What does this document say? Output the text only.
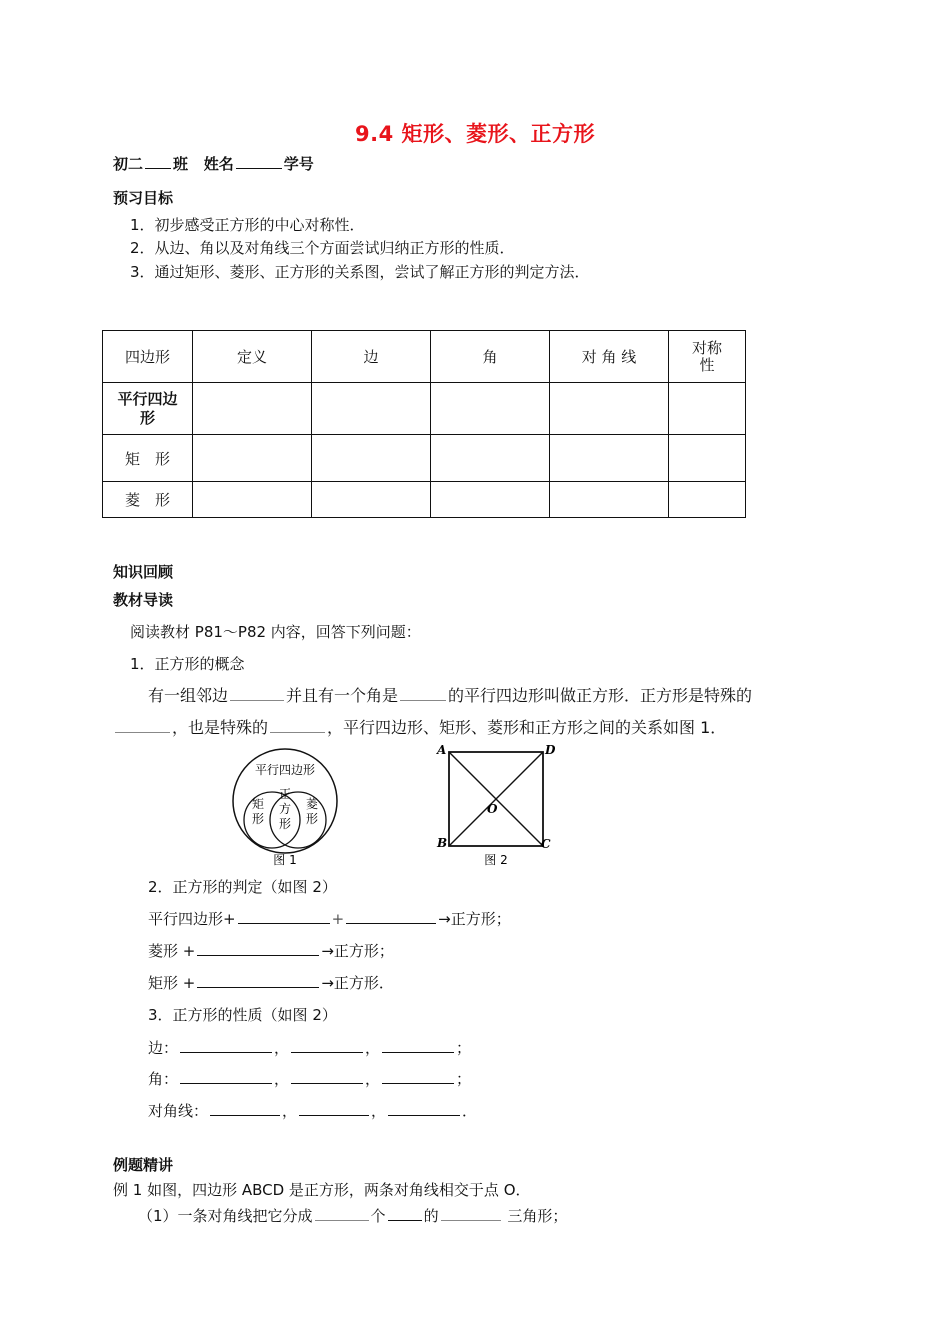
9.4 矩形、菱形、正方形
初二 班 姓名	学号
预习目标
1．初步感受正方形的中心对称性．
2．从边、角以及对角线三个方面尝试归纳正方形的性质．
3．通过矩形、菱形、正方形的关系图，尝试了解正方形的判定方法．
四边形	定义	边	角	对 角 线	对称
性

平行四边
形					

矩　形					
菱　形					
知识回顾
教材导读
阅读教材 P81～P82 内容，回答下列问题：
1．正方形的概念
有一组邻边	并且有一个角是	的平行四边形叫做正方形．正方形是特殊的
，也是特殊的	，平行四边形、矩形、菱形和正方形之间的关系如图 1．
平行四边形
矩
形
正
方
形
菱
形
图 1
A	D
B	C
O
图 2
2．正方形的判定（如图 2）
平行四边形+	+	→正方形；
菱形 +	→正方形；
矩形 +	→正方形．
3．正方形的性质（如图 2）
边：	，	，	；
角：	，	，	；
对角线：	，	，	．
例题精讲
例 1 如图，四边形 ABCD 是正方形，两条对角线相交于点 O．
（1）一条对角线把它分成	个	的	三角形；
